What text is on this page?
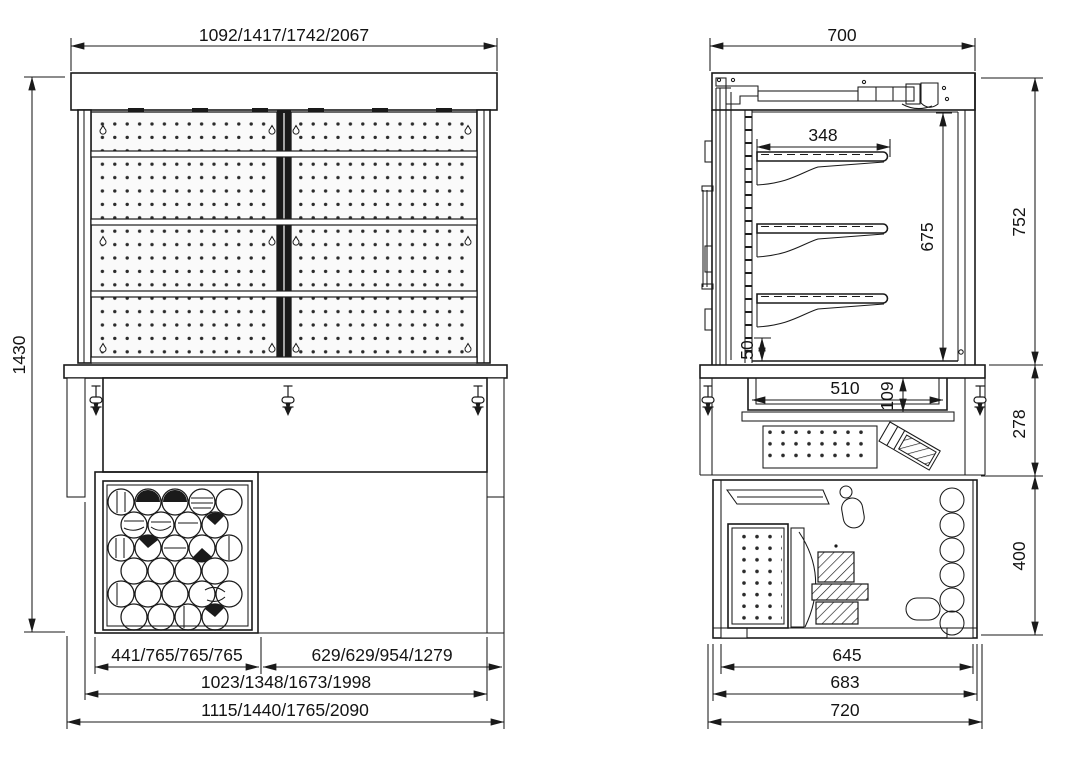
1092/1417/1742/2067
1430
441/765/765/765	629/629/954/1279
1023/1348/1673/1998
1115/1440/1765/2090
700
348
675
50
752
278
400
510 109
645
683
720
